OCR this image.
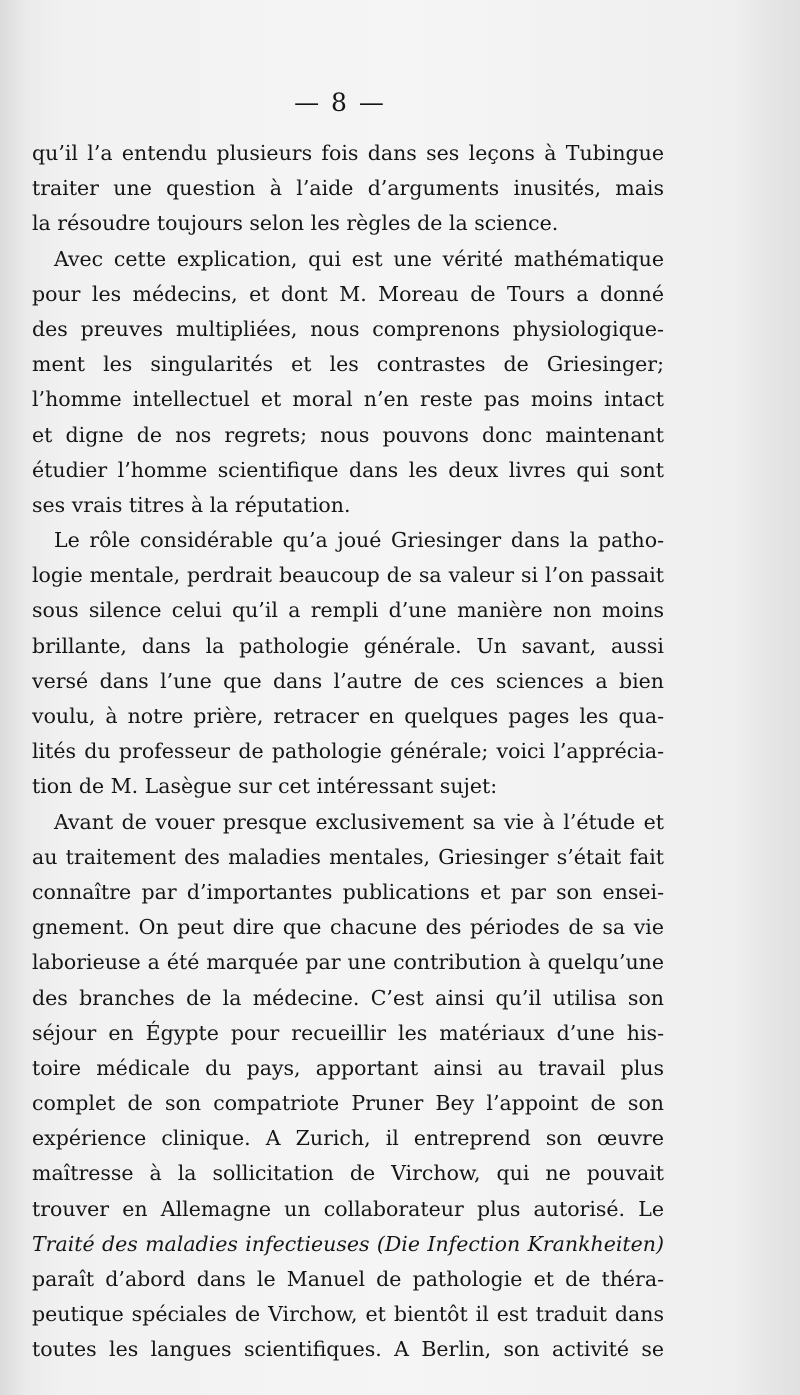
— 8 —
qu’il l’a entendu plusieurs fois dans ses leçons à Tubingue
traiter une question à l’aide d’arguments inusités, mais
la résoudre toujours selon les règles de la science.
Avec cette explication, qui est une vérité mathématique
pour les médecins, et dont M. Moreau de Tours a donné
des preuves multipliées, nous comprenons physiologique-
ment les singularités et les contrastes de Griesinger;
l’homme intellectuel et moral n’en reste pas moins intact
et digne de nos regrets; nous pouvons donc maintenant
étudier l’homme scientifique dans les deux livres qui sont
ses vrais titres à la réputation.
Le rôle considérable qu’a joué Griesinger dans la patho-
logie mentale, perdrait beaucoup de sa valeur si l’on passait
sous silence celui qu’il a rempli d’une manière non moins
brillante, dans la pathologie générale. Un savant, aussi
versé dans l’une que dans l’autre de ces sciences a bien
voulu, à notre prière, retracer en quelques pages les qua-
lités du professeur de pathologie générale; voici l’apprécia-
tion de M. Lasègue sur cet intéressant sujet:
Avant de vouer presque exclusivement sa vie à l’étude et
au traitement des maladies mentales, Griesinger s’était fait
connaître par d’importantes publications et par son ensei-
gnement. On peut dire que chacune des périodes de sa vie
laborieuse a été marquée par une contribution à quelqu’une
des branches de la médecine. C’est ainsi qu’il utilisa son
séjour en Égypte pour recueillir les matériaux d’une his-
toire médicale du pays, apportant ainsi au travail plus
complet de son compatriote Pruner Bey l’appoint de son
expérience clinique. A Zurich, il entreprend son œuvre
maîtresse à la sollicitation de Virchow, qui ne pouvait
trouver en Allemagne un collaborateur plus autorisé. Le
Traité des maladies infectieuses (Die Infection Krankheiten)
paraît d’abord dans le Manuel de pathologie et de théra-
peutique spéciales de Virchow, et bientôt il est traduit dans
toutes les langues scientifiques. A Berlin, son activité se
